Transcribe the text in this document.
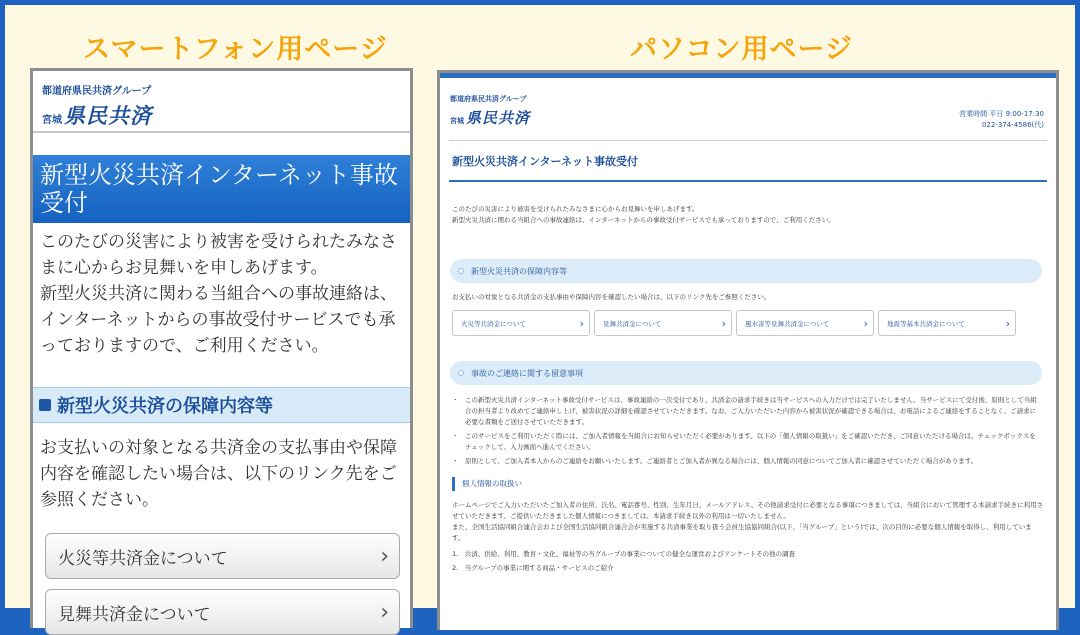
スマートフォン用ページ	パソコン用ページ
都道府県民共済グループ
宮城 県民共済
新型火災共済インターネット事故受付

このたびの災害により被害を受けられたみなさまに心からお見舞いを申しあげます。

新型火災共済に関わる当組合への事故連絡は、インターネットからの事故受付サービスでも承っておりますので、ご利用ください。

新型火災共済の保障内容等
お支払いの対象となる共済金の支払事由や保障内容を確認したい場合は、以下のリンク先をご参照ください。
火災等共済金について	›
見舞共済金について	›
都道府県民共済グループ
宮城 県民共済	営業時間 平日 9:00-17:30
022-374-4586(代)
新型火災共済インターネット事故受付
このたびの災害により被害を受けられたみなさまに心からお見舞いを申しあげます。
新型火災共済に関わる当組合への事故連絡は、インターネットからの事故受付サービスでも承っておりますので、ご利用ください。
新型火災共済の保障内容等
お支払いの対象となる共済金の支払事由や保障内容を確認したい場合は、以下のリンク先をご参照ください。
火災等共済金について	›	見舞共済金について	›	風水害等見舞共済金について	›	地震等基本共済金について	›
事故のご連絡に関する留意事項
・ この新型火災共済インターネット事故受付サービスは、事故連絡の一次受付であり、共済金の請求手続きは当サービスへの入力だけでは完了いたしません。当サービスにて受付後、原則として当組合の担当者より改めてご連絡申し上げ、被害状況の詳細を確認させていただきます。なお、ご入力いただいた内容から被害状況が確認できる場合は、お電話によるご連絡をすることなく、ご請求に必要な書類をご送付させていただきます。
・ このサービスをご利用いただく際には、ご加入者情報を当組合にお知らせいただく必要があります。以下の「個人情報の取扱い」をご確認いただき、ご同意いただける場合は、チェックボックスをチェックして、入力画面へ進んでください。
・ 原則として、ご加入者本人からのご連絡をお願いいたします。ご連絡者とご加入者が異なる場合には、個人情報の同意についてご加入者に確認させていただく場合があります。
個人情報の取扱い
ホームページでご入力いただいたご加入者の住所、氏名、電話番号、性別、生年月日、メールアドレス、その他請求受付に必要となる事項につきましては、当組合において管理する本請求手続きに利用させていただきます。ご提供いただきました個人情報につきましては、本請求手続き以外の利用は一切いたしません。
また、全国生活協同組合連合会および全国生活協同組合連合会が実施する共済事業を取り扱う会員生協協同組合(以下、「当グループ」という)では、次の目的に必要な個人情報を取得し、利用しています。
1.　共済、供給、利用、教育・文化、福祉等の当グループの事業についての健全な運営およびアンケートその他の調査
2.　当グループの事業に関する商品・サービスのご紹介
